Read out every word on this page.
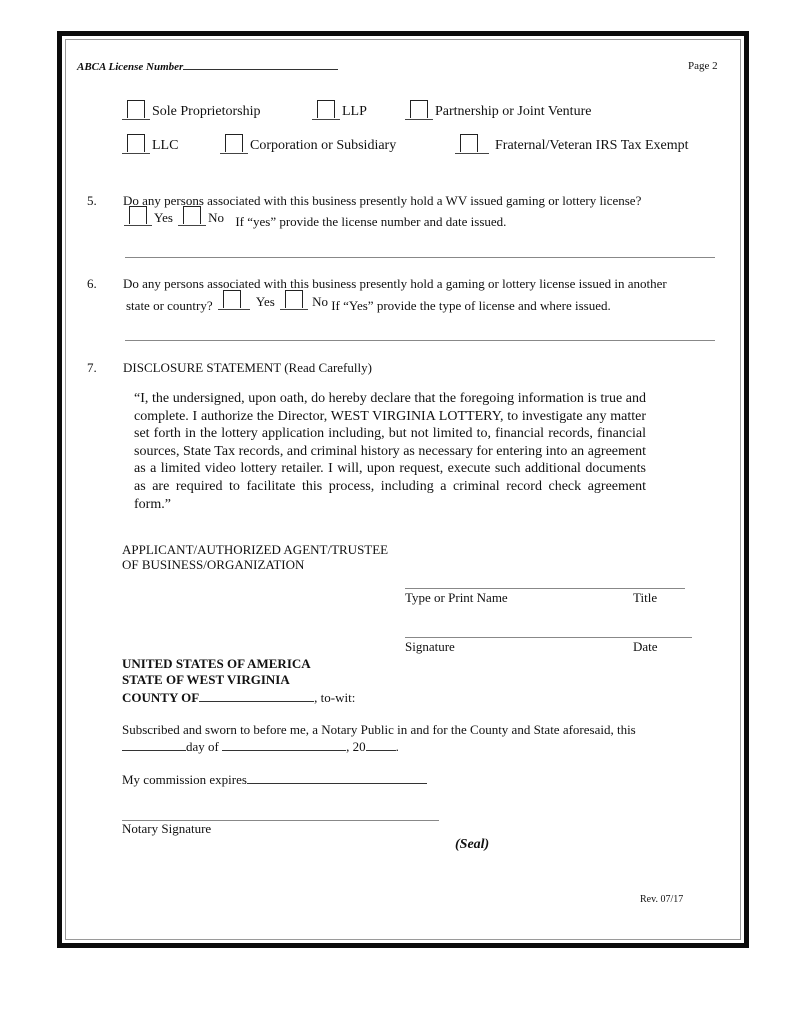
ABCA License Number	Page 2
Sole Proprietorship	LLP	Partnership or Joint Venture
LLC	Corporation or Subsidiary	Fraternal/Veteran IRS Tax Exempt
5. Do any persons associated with this business presently hold a WV issued gaming or lottery license?
Yes
	No If “yes” provide the license number and date issued.
6. Do any persons associated with this business presently hold a gaming or lottery license issued in another
state or country?	Yes
	No If “Yes” provide the type of license and where issued.
7. DISCLOSURE STATEMENT (Read Carefully)
“I, the undersigned, upon oath, do hereby declare that the foregoing information is true and complete. I authorize the Director, WEST VIRGINIA LOTTERY, to investigate any matter set forth in the lottery application including, but not limited to, financial records, financial sources, State Tax records, and criminal history as necessary for entering into an agreement as a limited video lottery retailer. I will, upon request, execute such additional documents as are required to facilitate this process, including a criminal record check agreement form.”
APPLICANT/AUTHORIZED AGENT/TRUSTEE
OF BUSINESS/ORGANIZATION
Type or Print Name	Title
Signature	Date
UNITED STATES OF AMERICA
STATE OF WEST VIRGINIA
COUNTY OF	, to-wit:
Subscribed and sworn to before me, a Notary Public in and for the County and State aforesaid, this
day of	, 20 .
My commission expires
Notary Signature
(Seal)
Rev. 07/17
